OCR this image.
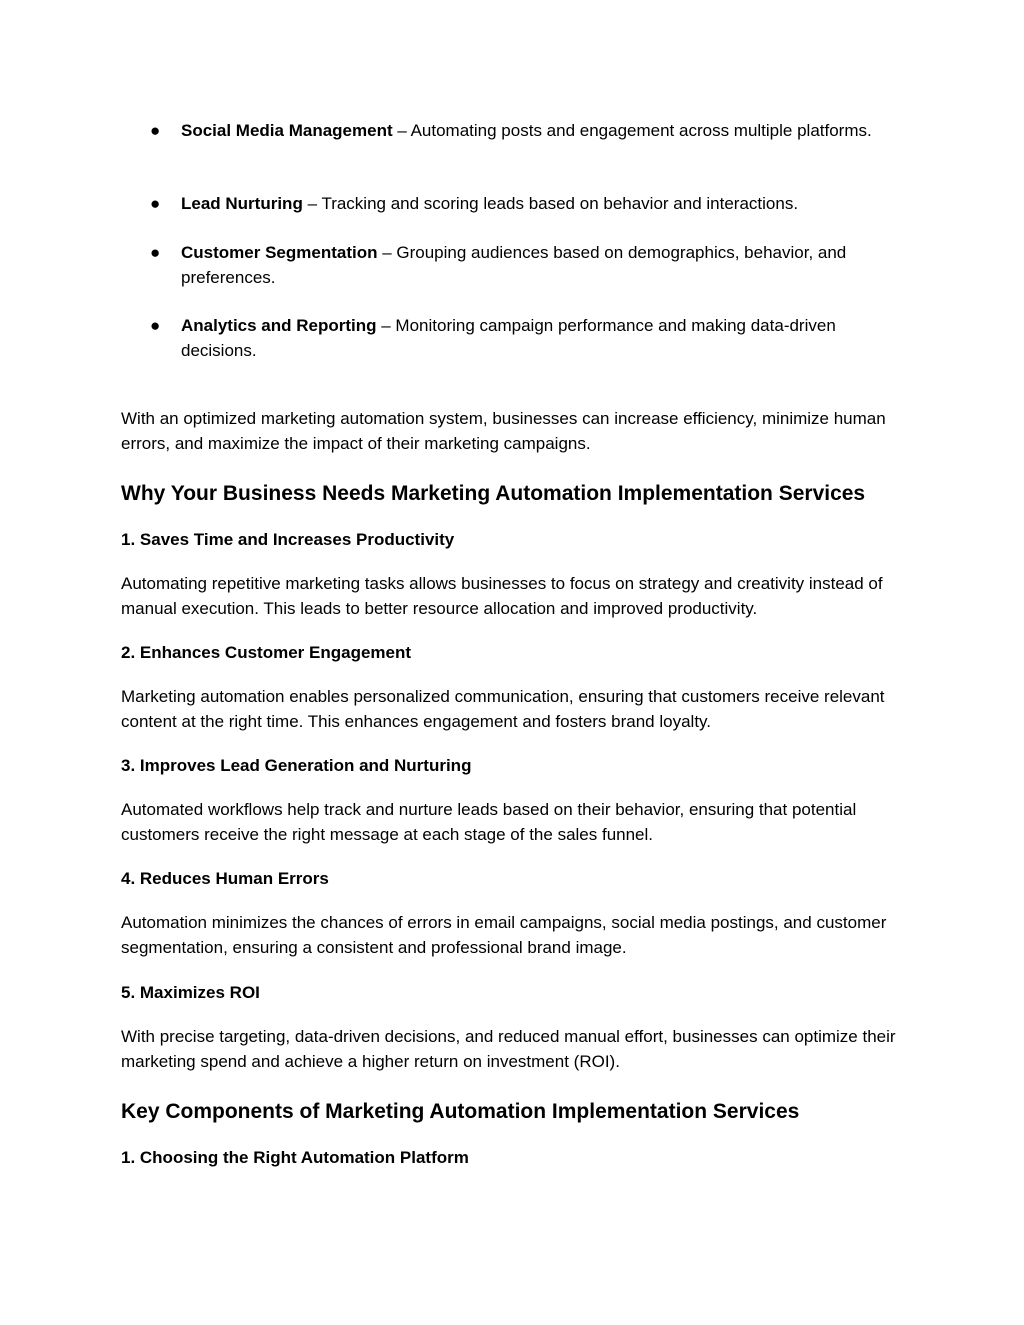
● Social Media Management – Automating posts and engagement across multiple platforms.
● Lead Nurturing – Tracking and scoring leads based on behavior and interactions.
● Customer Segmentation – Grouping audiences based on demographics, behavior, and preferences.
● Analytics and Reporting – Monitoring campaign performance and making data-driven decisions.
With an optimized marketing automation system, businesses can increase efficiency, minimize human errors, and maximize the impact of their marketing campaigns.
Why Your Business Needs Marketing Automation Implementation Services
1. Saves Time and Increases Productivity
Automating repetitive marketing tasks allows businesses to focus on strategy and creativity instead of manual execution. This leads to better resource allocation and improved productivity.
2. Enhances Customer Engagement
Marketing automation enables personalized communication, ensuring that customers receive relevant content at the right time. This enhances engagement and fosters brand loyalty.
3. Improves Lead Generation and Nurturing
Automated workflows help track and nurture leads based on their behavior, ensuring that potential customers receive the right message at each stage of the sales funnel.
4. Reduces Human Errors
Automation minimizes the chances of errors in email campaigns, social media postings, and customer segmentation, ensuring a consistent and professional brand image.
5. Maximizes ROI
With precise targeting, data-driven decisions, and reduced manual effort, businesses can optimize their marketing spend and achieve a higher return on investment (ROI).
Key Components of Marketing Automation Implementation Services
1. Choosing the Right Automation Platform
